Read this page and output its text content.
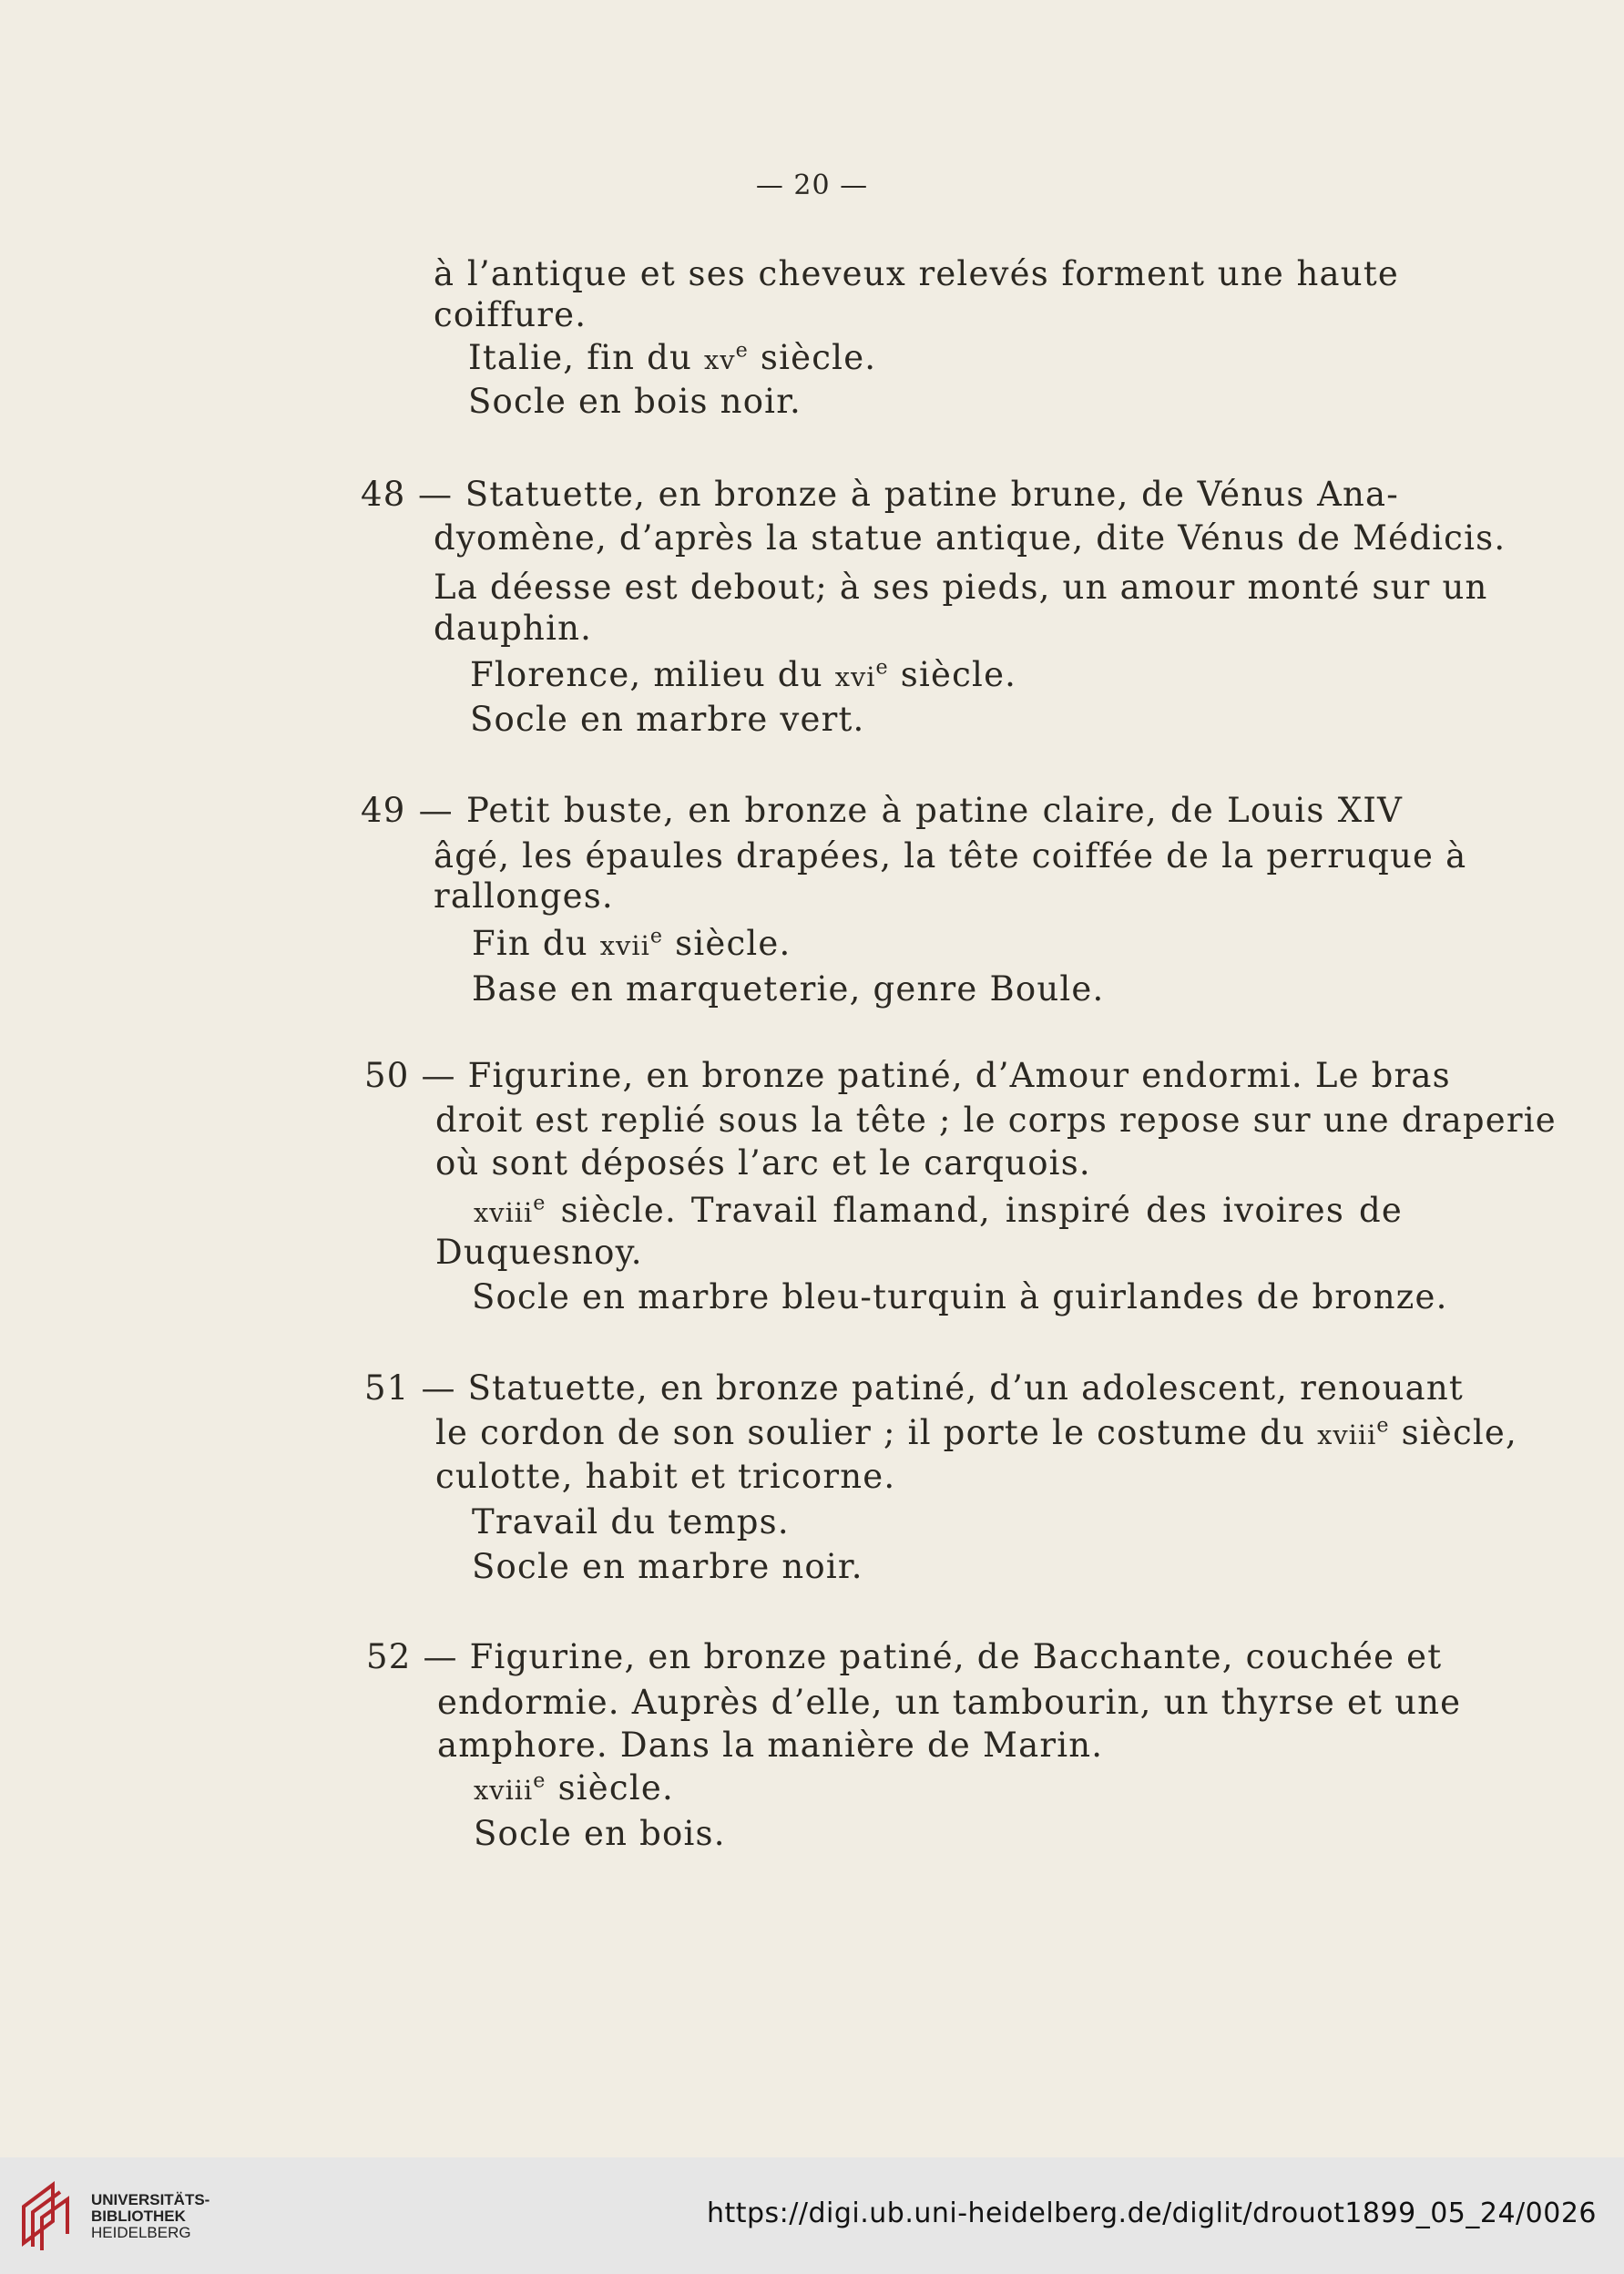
— 20 —
à l’antique et ses cheveux relevés forment une haute
coiffure.
Italie, fin du $xv^e$ siècle.
Socle en bois noir.
48 — Statuette, en bronze à patine brune, de Vénus Ana-
dyomène, d’après la statue antique, dite Vénus de Médicis.
La déesse est debout; à ses pieds, un amour monté sur un
dauphin.
Florence, milieu du xvi$^e$ siècle.
Socle en marbre vert.
49 — Petit buste, en bronze à patine claire, de Louis XIV
âgé, les épaules drapées, la tête coiffée de la perruque à
rallonges.
Fin du xvii$^e$ siècle.
Base en marqueterie, genre Boule.
50 — Figurine, en bronze patiné, d’Amour endormi. Le bras
droit est replié sous la tête ; le corps repose sur une draperie
où sont déposés l’arc et le carquois.
xviii$^e$ siècle. Travail flamand, inspiré des ivoires de
Duquesnoy.
Socle en marbre bleu-turquin à guirlandes de bronze.
51 — Statuette, en bronze patiné, d’un adolescent, renouant
le cordon de son soulier ; il porte le costume du xviii$^e$ siècle,
culotte, habit et tricorne.
Travail du temps.
Socle en marbre noir.
52 — Figurine, en bronze patiné, de Bacchante, couchée et
endormie. Auprès d’elle, un tambourin, un thyrse et une
amphore. Dans la manière de Marin.
xviii$^e$ siècle.
Socle en bois.
UNIVERSITÄTS-
BIBLIOTHEK
HEIDELBERG
https://digi.ub.uni-heidelberg.de/diglit/drouot1899_05_24/0026
